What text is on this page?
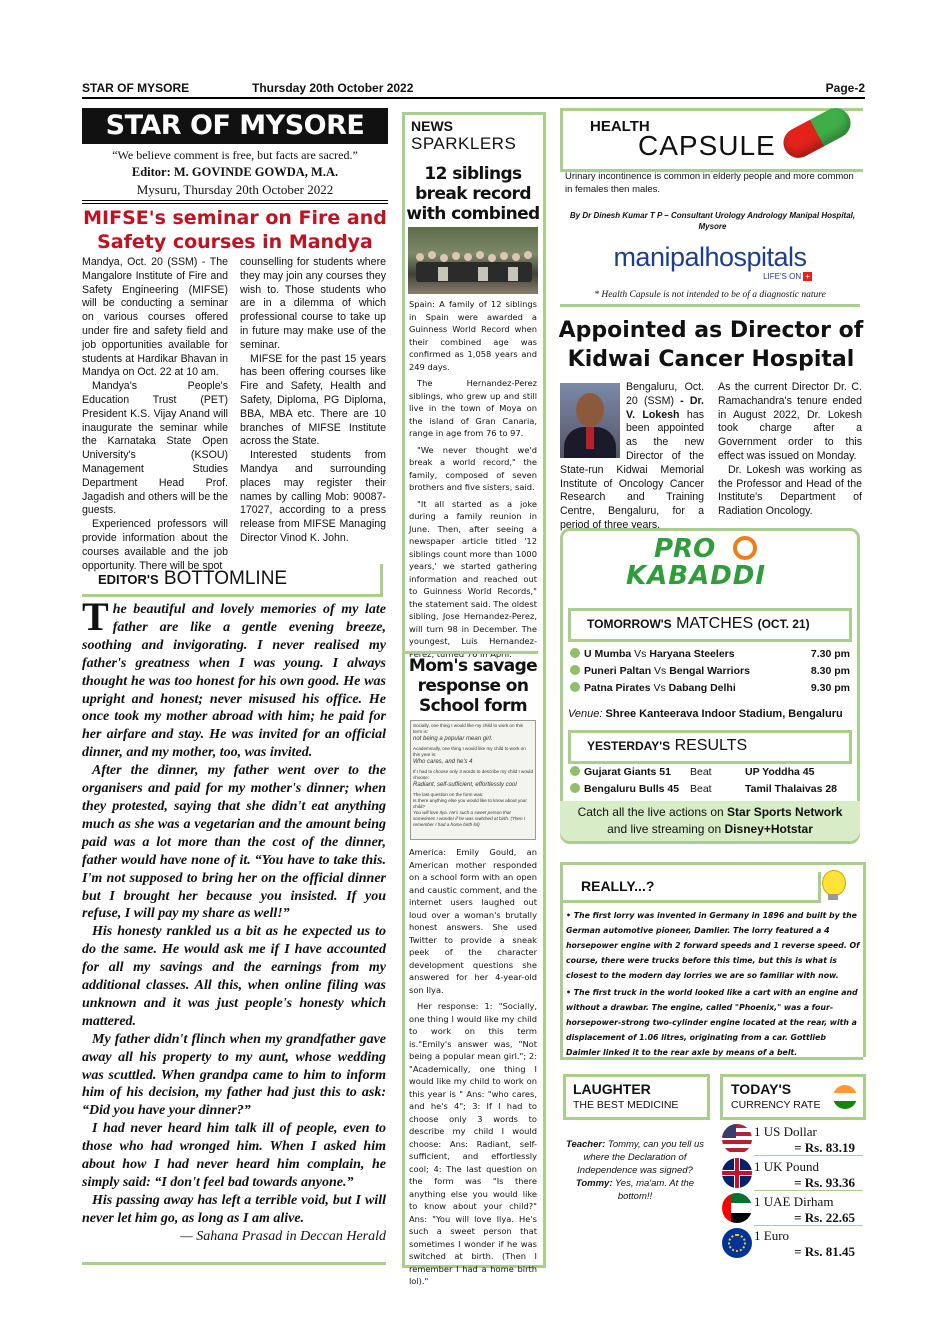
STAR OF MYSORE	Thursday 20th October 2022	Page-2
STAR OF MYSORE
“We believe comment is free, but facts are sacred.”
Editor: M. GOVINDE GOWDA, M.A.
Mysuru, Thursday 20th October 2022
MIFSE's seminar on Fire and Safety courses in Mandya

Mandya, Oct. 20 (SSM) - The Mangalore Institute of Fire and Safety Engineering (MIFSE) will be conducting a seminar on various courses offered under fire and safety field and job opportunities available for students at Hardikar Bhavan in Mandya on Oct. 22 at 10 am.

Mandya's People's Education Trust (PET) President K.S. Vijay Anand will inaugurate the seminar while the Karnataka State Open University's (KSOU) Management Studies Department Head Prof. Jagadish and others will be the guests.

Experienced professors will provide information about the courses available and the job opportunity. There will be spot

counselling for students where they may join any courses they wish to. Those students who are in a dilemma of which professional course to take up in future may make use of the seminar.

MIFSE for the past 15 years has been offering courses like Fire and Safety, Health and Safety, Diploma, PG Diploma, BBA, MBA etc. There are 10 branches of MIFSE Institute across the State.

Interested students from Mandya and surrounding places may register their names by calling Mob: 90087-17027, according to a press release from MIFSE Managing Director Vinod K. John.

EDITOR'S BOTTOMLINE

The beautiful and lovely memories of my late father are like a gentle evening breeze, soothing and invigorating. I never realised my father's greatness when I was young. I always thought he was too honest for his own good. He was upright and honest; never misused his office. He once took my mother abroad with him; he paid for her airfare and stay. He was invited for an official dinner, and my mother, too, was invited.

After the dinner, my father went over to the organisers and paid for my mother's dinner; when they protested, saying that she didn't eat anything much as she was a vegetarian and the amount being paid was a lot more than the cost of the dinner, father would have none of it. “You have to take this. I'm not supposed to bring her on the official dinner but I brought her because you insisted. If you refuse, I will pay my share as well!”

His honesty rankled us a bit as he expected us to do the same. He would ask me if I have accounted for all my savings and the earnings from my additional classes. All this, when online filing was unknown and it was just people's honesty which mattered.

My father didn't flinch when my grandfather gave away all his property to my aunt, whose wedding was scuttled. When grandpa came to him to inform him of his decision, my father had just this to ask: “Did you have your dinner?”

I had never heard him talk ill of people, even to those who had wronged him. When I asked him about how I had never heard him complain, he simply said: “I don't feel bad towards anyone.”

His passing away has left a terrible void, but I will never let him go, as long as I am alive.

— Sahana Prasad in Deccan Herald
NEWS
SPARKLERS
12 siblings break record with combined

Spain: A family of 12 siblings in Spain were awarded a Guinness World Record when their combined age was confirmed as 1,058 years and 249 days.

The Hernandez-Perez siblings, who grew up and still live in the town of Moya on the island of Gran Canaria, range in age from 76 to 97.

"We never thought we'd break a world record," the family, composed of seven brothers and five sisters, said.

"It all started as a joke during a family reunion in June. Then, after seeing a newspaper article titled '12 siblings count more than 1000 years,' we started gathering information and reached out to Guinness World Records," the statement said. The oldest sibling, Jose Hernandez-Perez, will turn 98 in December. The youngest, Luis Hernandez-

Mom's savage response on School form
Socially, one thing I would like my child to work on this term is:
not being a popular mean girl.
Academically, one thing I would like my child to work on this year is:
Who cares, and he's 4
If I had to choose only 3 words to describe my child I would choose:
Radiant, self-sufficient, effortlessly cool
The last question on the form was:
Is there anything else you would like to know about your child?
You will love Ilya. He's such a sweet person that sometimes I wonder if he was switched at birth. (Then I remember I had a home birth lol)

America: Emily Gould, an American mother responded on a school form with an open and caustic comment, and the internet users laughed out loud over a woman's brutally honest answers. She used Twitter to provide a sneak peek of the character development questions she answered for her 4-year-old son Ilya.

Her response: 1: "Socially, one thing I would like my child to work on this term is."Emily's answer was, "Not being a popular mean girl."; 2: "Academically, one thing I would like my child to work on this year is " Ans: "who cares, and he's 4"; 3: If I had to choose only 3 words to describe my child I would choose: Ans: Radiant, self-sufficient, and effortlessly cool; 4: The last question on the form was "Is there anything else you would like to know about your child?" Ans: "You will love Ilya. He's such a sweet person that sometimes I wonder if he was switched at birth. (Then I remember I had a home birth lol)."

HEALTH
CAPSULE
Urinary incontinence is common in elderly people and more common in females then males.
By Dr Dinesh Kumar T P – Consultant Urology Andrology Manipal Hospital, Mysore
manipalhospitals
LIFE'S ON +
* Health Capsule is not intended to be of a diagnostic nature
Appointed as Director of Kidwai Cancer Hospital
Bengaluru, Oct. 20 (SSM) - Dr. V. Lokesh has been appointed as the new Director of the State-run Kidwai Memorial Institute of Oncology Cancer Research and Training Centre, Bengaluru, for a period of three years.

As the current Director Dr. C. Ramachandra's tenure ended in August 2022, Dr. Lokesh took charge after a Government order to this effect was issued on Monday.

Dr. Lokesh was working as the Professor and Head of the Institute's Department of Radiation Oncology.

PRO
KABADDI
TOMORROW'S MATCHES (OCT. 21)
U Mumba Vs Haryana Steelers	7.30 pm
Puneri Paltan Vs Bengal Warriors	8.30 pm
Patna Pirates Vs Dabang Delhi	9.30 pm
Venue: Shree Kanteerava Indoor Stadium, Bengaluru
YESTERDAY'S RESULTS
Gujarat Giants 51 Beat	UP Yoddha 45
Bengaluru Bulls 45 Beat	Tamil Thalaivas 28
Catch all the live actions on Star Sports Network
and live streaming on Disney+Hotstar
REALLY...?
• The first lorry was invented in Germany in 1896 and built by the German automotive pioneer, Damlier. The lorry featured a 4 horsepower engine with 2 forward speeds and 1 reverse speed. Of course, there were trucks before this time, but this is what is closest to the modern day lorries we are so familiar with now.
• The first truck in the world looked like a cart with an engine and without a drawbar. The engine, called "Phoenix," was a four-horsepower-strong two-cylinder engine located at the rear, with a displacement of 1.06 litres, originating from a car. Gottlieb Daimler linked it to the rear axle by means of a belt.
LAUGHTER
THE BEST MEDICINE
Teacher: Tommy, can you tell us where the Declaration of Independence was signed?
Tommy: Yes, ma'am. At the bottom!!
TODAY'S
CURRENCY RATE
1 US Dollar
= Rs. 83.19
1 UK Pound
= Rs. 93.36
1 UAE Dirham
= Rs. 22.65
1 Euro
= Rs. 81.45
